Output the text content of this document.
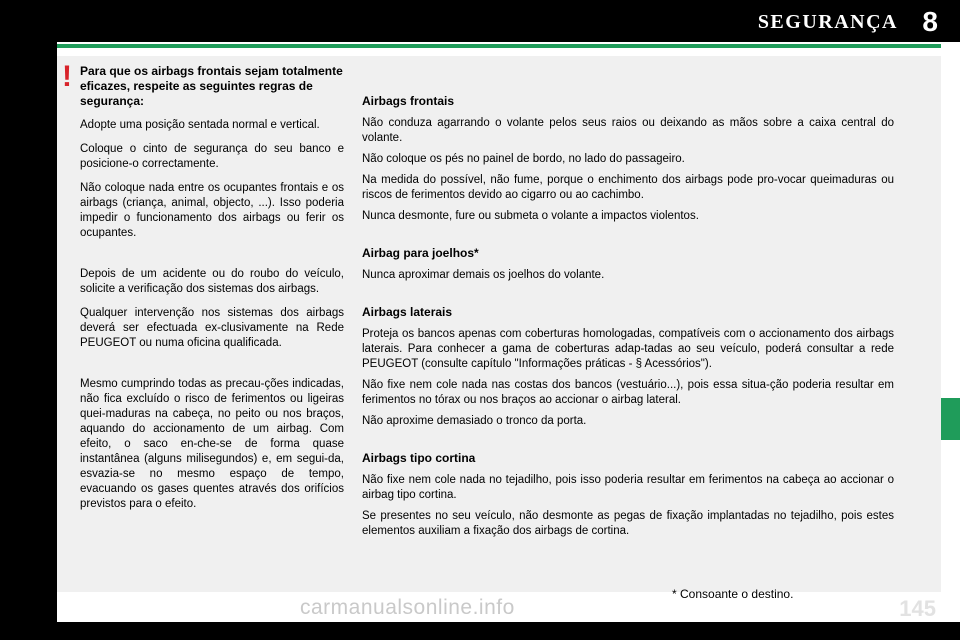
SEGURANÇA 8
! Para que os airbags frontais sejam totalmente eficazes, respeite as seguintes regras de segurança:

Adopte uma posição sentada normal e vertical.

Coloque o cinto de segurança do seu banco e posicione-o correctamente.

Não coloque nada entre os ocupantes frontais e os airbags (criança, animal, objecto, ...). Isso poderia impedir o funcionamento dos airbags ou ferir os ocupantes.

Depois de um acidente ou do roubo do veículo, solicite a verificação dos sistemas dos airbags.

Qualquer intervenção nos sistemas dos airbags deverá ser efectuada ex-clusivamente na Rede PEUGEOT ou numa oficina qualificada.

Mesmo cumprindo todas as precau-ções indicadas, não fica excluído o risco de ferimentos ou ligeiras quei-maduras na cabeça, no peito ou nos braços, aquando do accionamento de um airbag. Com efeito, o saco en-che-se de forma quase instantânea (alguns milisegundos) e, em segui-da, esvazia-se no mesmo espaço de tempo, evacuando os gases quentes através dos orifícios previstos para o efeito.

Airbags frontais

Não conduza agarrando o volante pelos seus raios ou deixando as mãos sobre a caixa central do volante.

Não coloque os pés no painel de bordo, no lado do passageiro.

Na medida do possível, não fume, porque o enchimento dos airbags pode pro-vocar queimaduras ou riscos de ferimentos devido ao cigarro ou ao cachimbo.

Nunca desmonte, fure ou submeta o volante a impactos violentos.

Airbag para joelhos*

Nunca aproximar demais os joelhos do volante.

Airbags laterais

Proteja os bancos apenas com coberturas homologadas, compatíveis com o accionamento dos airbags laterais. Para conhecer a gama de coberturas adap-tadas ao seu veículo, poderá consultar a rede PEUGEOT (consulte capítulo "Informações práticas - § Acessórios").

Não fixe nem cole nada nas costas dos bancos (vestuário...), pois essa situa-ção poderia resultar em ferimentos no tórax ou nos braços ao accionar o airbag lateral.

Não aproxime demasiado o tronco da porta.

Airbags tipo cortina

Não fixe nem cole nada no tejadilho, pois isso poderia resultar em ferimentos na cabeça ao accionar o airbag tipo cortina.

Se presentes no seu veículo, não desmonte as pegas de fixação implantadas no tejadilho, pois estes elementos auxiliam a fixação dos airbags de cortina.

* Consoante o destino.
carmanualsonline.info	145
